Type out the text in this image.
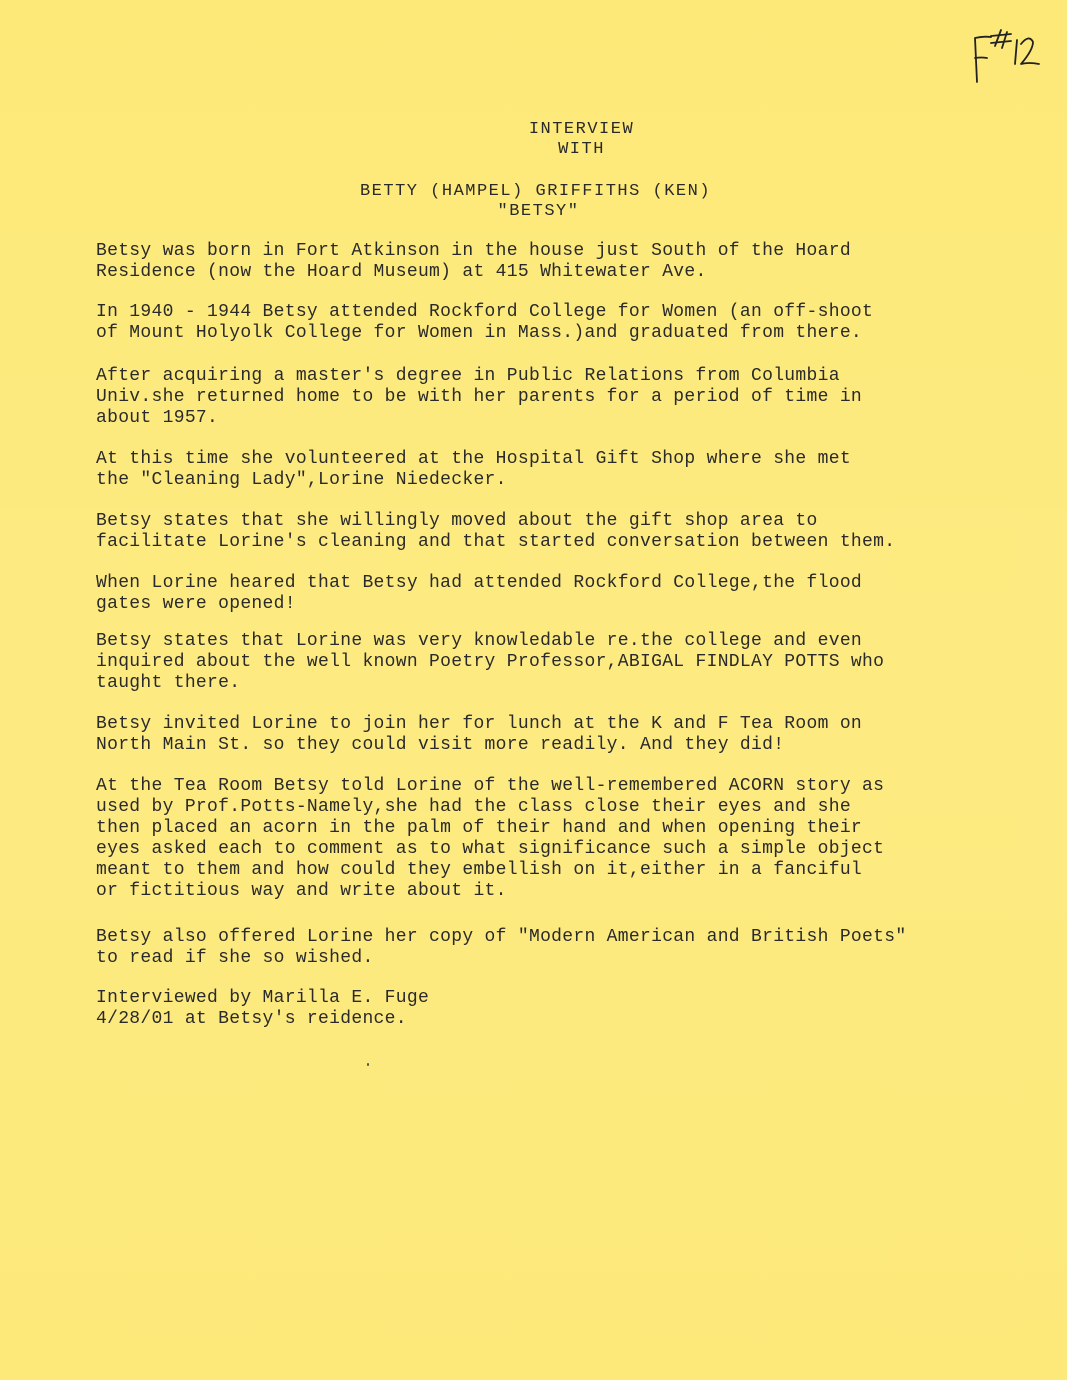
INTERVIEW
WITH
BETTY (HAMPEL) GRIFFITHS (KEN)
"BETSY"
Betsy was born in Fort Atkinson in the house just South of the Hoard
Residence (now the Hoard Museum) at 415 Whitewater Ave.
In 1940 - 1944 Betsy attended Rockford College for Women (an off-shoot
of Mount Holyolk College for Women in Mass.)and graduated from there.
After acquiring a master's degree in Public Relations from Columbia
Univ.she returned home to be with her parents for a period of time in
about 1957.
At this time she volunteered at the Hospital Gift Shop where she met
the "Cleaning Lady",Lorine Niedecker.
Betsy states that she willingly moved about the gift shop area to
facilitate Lorine's cleaning and that started conversation between them.
When Lorine heared that Betsy had attended Rockford College,the flood
gates were opened!
Betsy states that Lorine was very knowledable re.the college and even
inquired about the well known Poetry Professor,ABIGAL FINDLAY POTTS who
taught there.
Betsy invited Lorine to join her for lunch at the K and F Tea Room on
North Main St. so they could visit more readily. And they did!
At the Tea Room Betsy told Lorine of the well-remembered ACORN story as
used by Prof.Potts-Namely,she had the class close their eyes and she
then placed an acorn in the palm of their hand and when opening their
eyes asked each to comment as to what significance such a simple object
meant to them and how could they embellish on it,either in a fanciful
or fictitious way and write about it.
Betsy also offered Lorine her copy of "Modern American and British Poets"
to read if she so wished.
Interviewed by Marilla E. Fuge
4/28/01 at Betsy's reidence.
